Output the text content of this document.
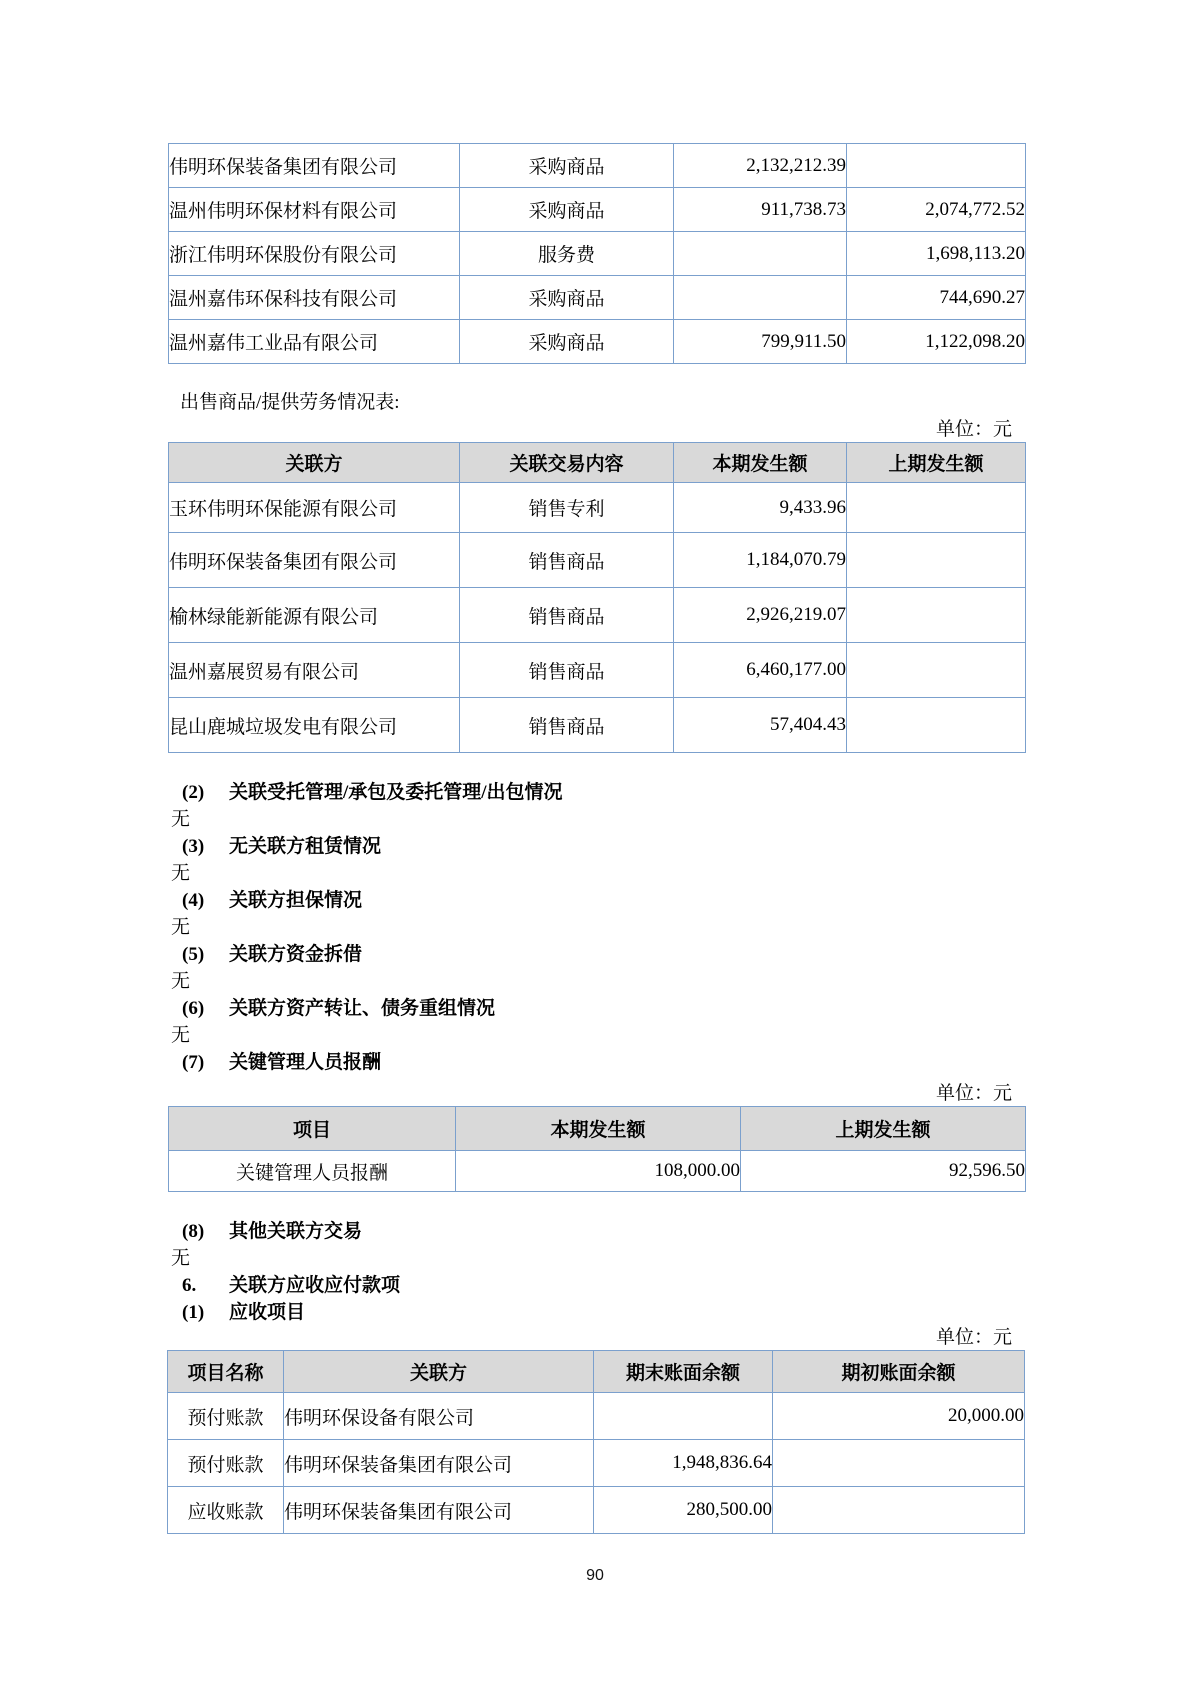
伟明环保装备集团有限公司	采购商品	2,132,212.39	
温州伟明环保材料有限公司	采购商品	911,738.73	2,074,772.52
浙江伟明环保股份有限公司	服务费		1,698,113.20
温州嘉伟环保科技有限公司	采购商品		744,690.27
温州嘉伟工业品有限公司	采购商品	799,911.50	1,122,098.20
出售商品/提供劳务情况表:
单位：元
关联方	关联交易内容	本期发生额	上期发生额
玉环伟明环保能源有限公司	销售专利	9,433.96	
伟明环保装备集团有限公司	销售商品	1,184,070.79	
榆林绿能新能源有限公司	销售商品	2,926,219.07	
温州嘉展贸易有限公司	销售商品	6,460,177.00	
昆山鹿城垃圾发电有限公司	销售商品	57,404.43	
(2) 关联受托管理/承包及委托管理/出包情况
无
(3) 无关联方租赁情况
无
(4) 关联方担保情况
无
(5) 关联方资金拆借
无
(6) 关联方资产转让、债务重组情况
无
(7) 关键管理人员报酬
单位：元
项目	本期发生额	上期发生额
关键管理人员报酬	108,000.00	92,596.50
(8) 其他关联方交易
无
6. 关联方应收应付款项
(1) 应收项目
单位：元
项目名称	关联方	期末账面余额	期初账面余额
预付账款	伟明环保设备有限公司		20,000.00
预付账款	伟明环保装备集团有限公司	1,948,836.64	
应收账款	伟明环保装备集团有限公司	280,500.00	
90
